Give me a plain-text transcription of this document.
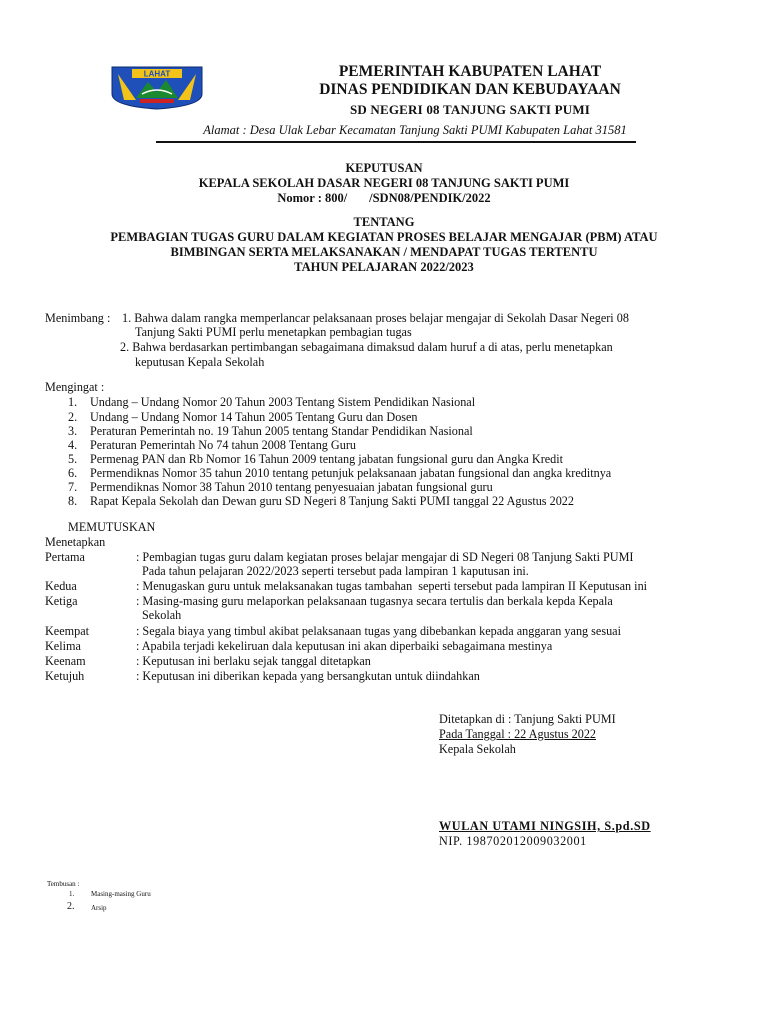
LAHAT	PEMERINTAH KABUPATEN LAHAT
DINAS PENDIDIKAN DAN KEBUDAYAAN
SD NEGERI 08 TANJUNG SAKTI PUMI
Alamat : Desa Ulak Lebar Kecamatan Tanjung Sakti PUMI Kabupaten Lahat 31581
KEPUTUSAN
KEPALA SEKOLAH DASAR NEGERI 08 TANJUNG SAKTI PUMI
Nomor : 800/       /SDN08/PENDIK/2022
TENTANG
PEMBAGIAN TUGAS GURU DALAM KEGIATAN PROSES BELAJAR MENGAJAR (PBM) ATAU
BIMBINGAN SERTA MELAKSANAKAN / MENDAPAT TUGAS TERTENTU
TAHUN PELAJARAN 2022/2023
Menimbang : 1. Bahwa dalam rangka memperlancar pelaksanaan proses belajar mengajar di Sekolah Dasar Negeri 08
Tanjung Sakti PUMI perlu menetapkan pembagian tugas
2. Bahwa berdasarkan pertimbangan sebagaimana dimaksud dalam huruf a di atas, perlu menetapkan
keputusan Kepala Sekolah
Mengingat :
1. Undang – Undang Nomor 20 Tahun 2003 Tentang Sistem Pendidikan Nasional
2. Undang – Undang Nomor 14 Tahun 2005 Tentang Guru dan Dosen
3. Peraturan Pemerintah no. 19 Tahun 2005 tentang Standar Pendidikan Nasional
4. Peraturan Pemerintah No 74 tahun 2008 Tentang Guru
5. Permenag PAN dan Rb Nomor 16 Tahun 2009 tentang jabatan fungsional guru dan Angka Kredit
6. Permendiknas Nomor 35 tahun 2010 tentang petunjuk pelaksanaan jabatan fungsional dan angka kreditnya
7. Permendiknas Nomor 38 Tahun 2010 tentang penyesuaian jabatan fungsional guru
8. Rapat Kepala Sekolah dan Dewan guru SD Negeri 8 Tanjung Sakti PUMI tanggal 22 Agustus 2022
MEMUTUSKAN
Menetapkan
Pertama	: Pembagian tugas guru dalam kegiatan proses belajar mengajar di SD Negeri 08 Tanjung Sakti PUMI
Pada tahun pelajaran 2022/2023 seperti tersebut pada lampiran 1 kaputusan ini.
Kedua	: Menugaskan guru untuk melaksanakan tugas tambahan  seperti tersebut pada lampiran II Keputusan ini
Ketiga	: Masing-masing guru melaporkan pelaksanaan tugasnya secara tertulis dan berkala kepda Kepala
Sekolah
Keempat	: Segala biaya yang timbul akibat pelaksanaan tugas yang dibebankan kepada anggaran yang sesuai
Kelima	: Apabila terjadi kekeliruan dala keputusan ini akan diperbaiki sebagaimana mestinya
Keenam	: Keputusan ini berlaku sejak tanggal ditetapkan
Ketujuh	: Keputusan ini diberikan kepada yang bersangkutan untuk diindahkan
Ditetapkan di : Tanjung Sakti PUMI
Pada Tanggal : 22 Agustus 2022
Kepala Sekolah
WULAN UTAMI NINGSIH, S.pd.SD
NIP. 198702012009032001
Tembusan :
1. Masing-masing Guru
2. Arsip
